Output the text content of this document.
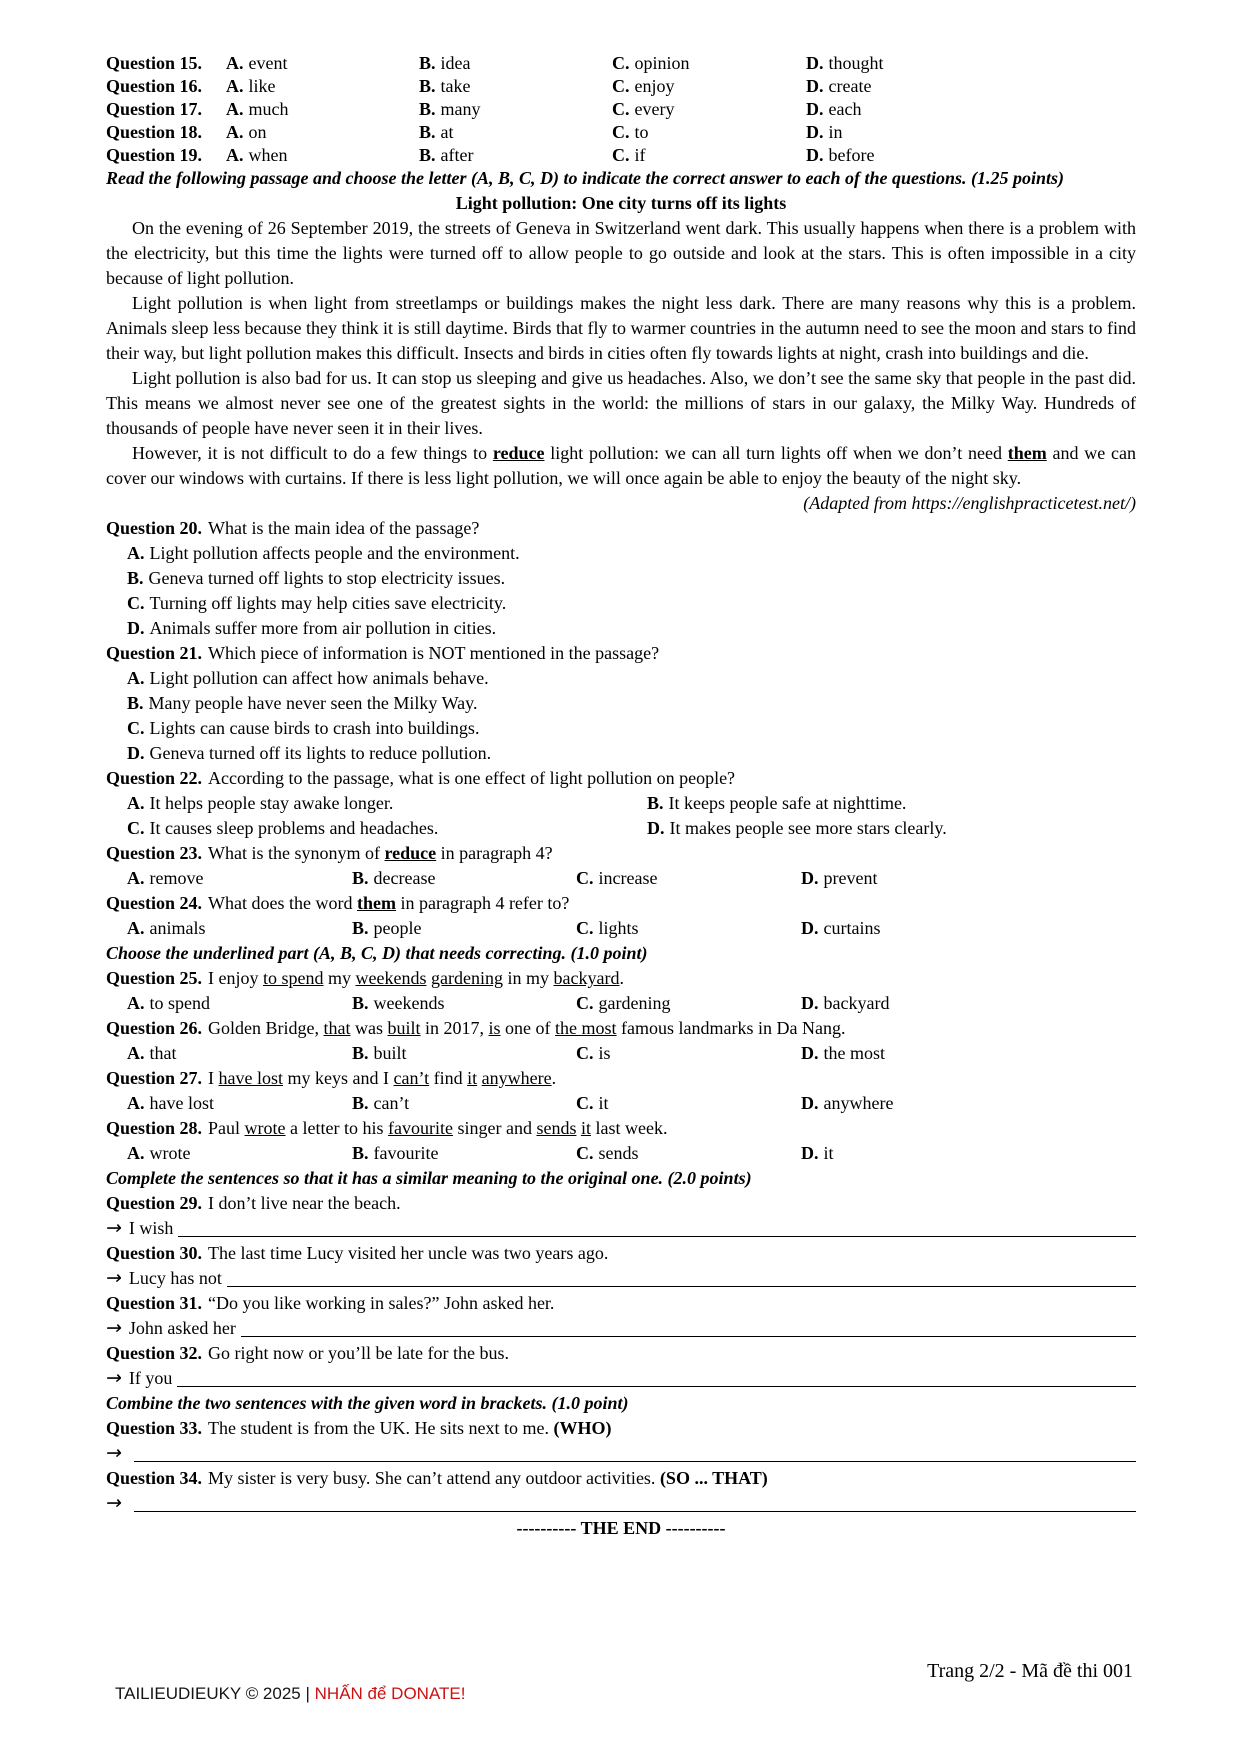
Question 15.	A. event	B. idea	C. opinion	D. thought
Question 16.	A. like	B. take	C. enjoy	D. create
Question 17.	A. much	B. many	C. every	D. each
Question 18.	A. on	B. at	C. to	D. in
Question 19.	A. when	B. after	C. if	D. before

Read the following passage and choose the letter (A, B, C, D) to indicate the correct answer to each of the questions. (1.25 points)

Light pollution: One city turns off its lights

On the evening of 26 September 2019, the streets of Geneva in Switzerland went dark. This usually happens when there is a problem with the electricity, but this time the lights were turned off to allow people to go outside and look at the stars. This is often impossible in a city because of light pollution.

Light pollution is when light from streetlamps or buildings makes the night less dark. There are many reasons why this is a problem. Animals sleep less because they think it is still daytime. Birds that fly to warmer countries in the autumn need to see the moon and stars to find their way, but light pollution makes this difficult. Insects and birds in cities often fly towards lights at night, crash into buildings and die.

Light pollution is also bad for us. It can stop us sleeping and give us headaches. Also, we don’t see the same sky that people in the past did. This means we almost never see one of the greatest sights in the world: the millions of stars in our galaxy, the Milky Way. Hundreds of thousands of people have never seen it in their lives.

However, it is not difficult to do a few things to reduce light pollution: we can all turn lights off when we don’t need them and we can cover our windows with curtains. If there is less light pollution, we will once again be able to enjoy the beauty of the night sky.

(Adapted from https://englishpracticetest.net/)

Question 20. What is the main idea of the passage?

A. Light pollution affects people and the environment.
B. Geneva turned off lights to stop electricity issues.
C. Turning off lights may help cities save electricity.
D. Animals suffer more from air pollution in cities.

Question 21. Which piece of information is NOT mentioned in the passage?

A. Light pollution can affect how animals behave.
B. Many people have never seen the Milky Way.
C. Lights can cause birds to crash into buildings.
D. Geneva turned off its lights to reduce pollution.

Question 22. According to the passage, what is one effect of light pollution on people?

A. It helps people stay awake longer.	B. It keeps people safe at nighttime.
C. It causes sleep problems and headaches.	D. It makes people see more stars clearly.

Question 23. What is the synonym of reduce in paragraph 4?

A. remove	B. decrease	C. increase	D. prevent

Question 24. What does the word them in paragraph 4 refer to?

A. animals	B. people	C. lights	D. curtains

Choose the underlined part (A, B, C, D) that needs correcting. (1.0 point)

Question 25. I enjoy to spend my weekends gardening in my backyard.

A. to spend	B. weekends	C. gardening	D. backyard

Question 26. Golden Bridge, that was built in 2017, is one of the most famous landmarks in Da Nang.

A. that	B. built	C. is	D. the most

Question 27. I have lost my keys and I can’t find it anywhere.

A. have lost	B. can’t	C. it	D. anywhere

Question 28. Paul wrote a letter to his favourite singer and sends it last week.

A. wrote	B. favourite	C. sends	D. it

Complete the sentences so that it has a similar meaning to the original one. (2.0 points)

Question 29. I don’t live near the beach.

→ I wish

Question 30. The last time Lucy visited her uncle was two years ago.

→ Lucy has not

Question 31. “Do you like working in sales?” John asked her.

→ John asked her

Question 32. Go right now or you’ll be late for the bus.

→ If you

Combine the two sentences with the given word in brackets. (1.0 point)

Question 33. The student is from the UK. He sits next to me. (WHO)

→

Question 34. My sister is very busy. She can’t attend any outdoor activities. (SO ... THAT)

→

---------- THE END ----------

TAILIEUDIEUKY © 2025 | NHẤN để DONATE!
Trang 2/2 - Mã đề thi 001
